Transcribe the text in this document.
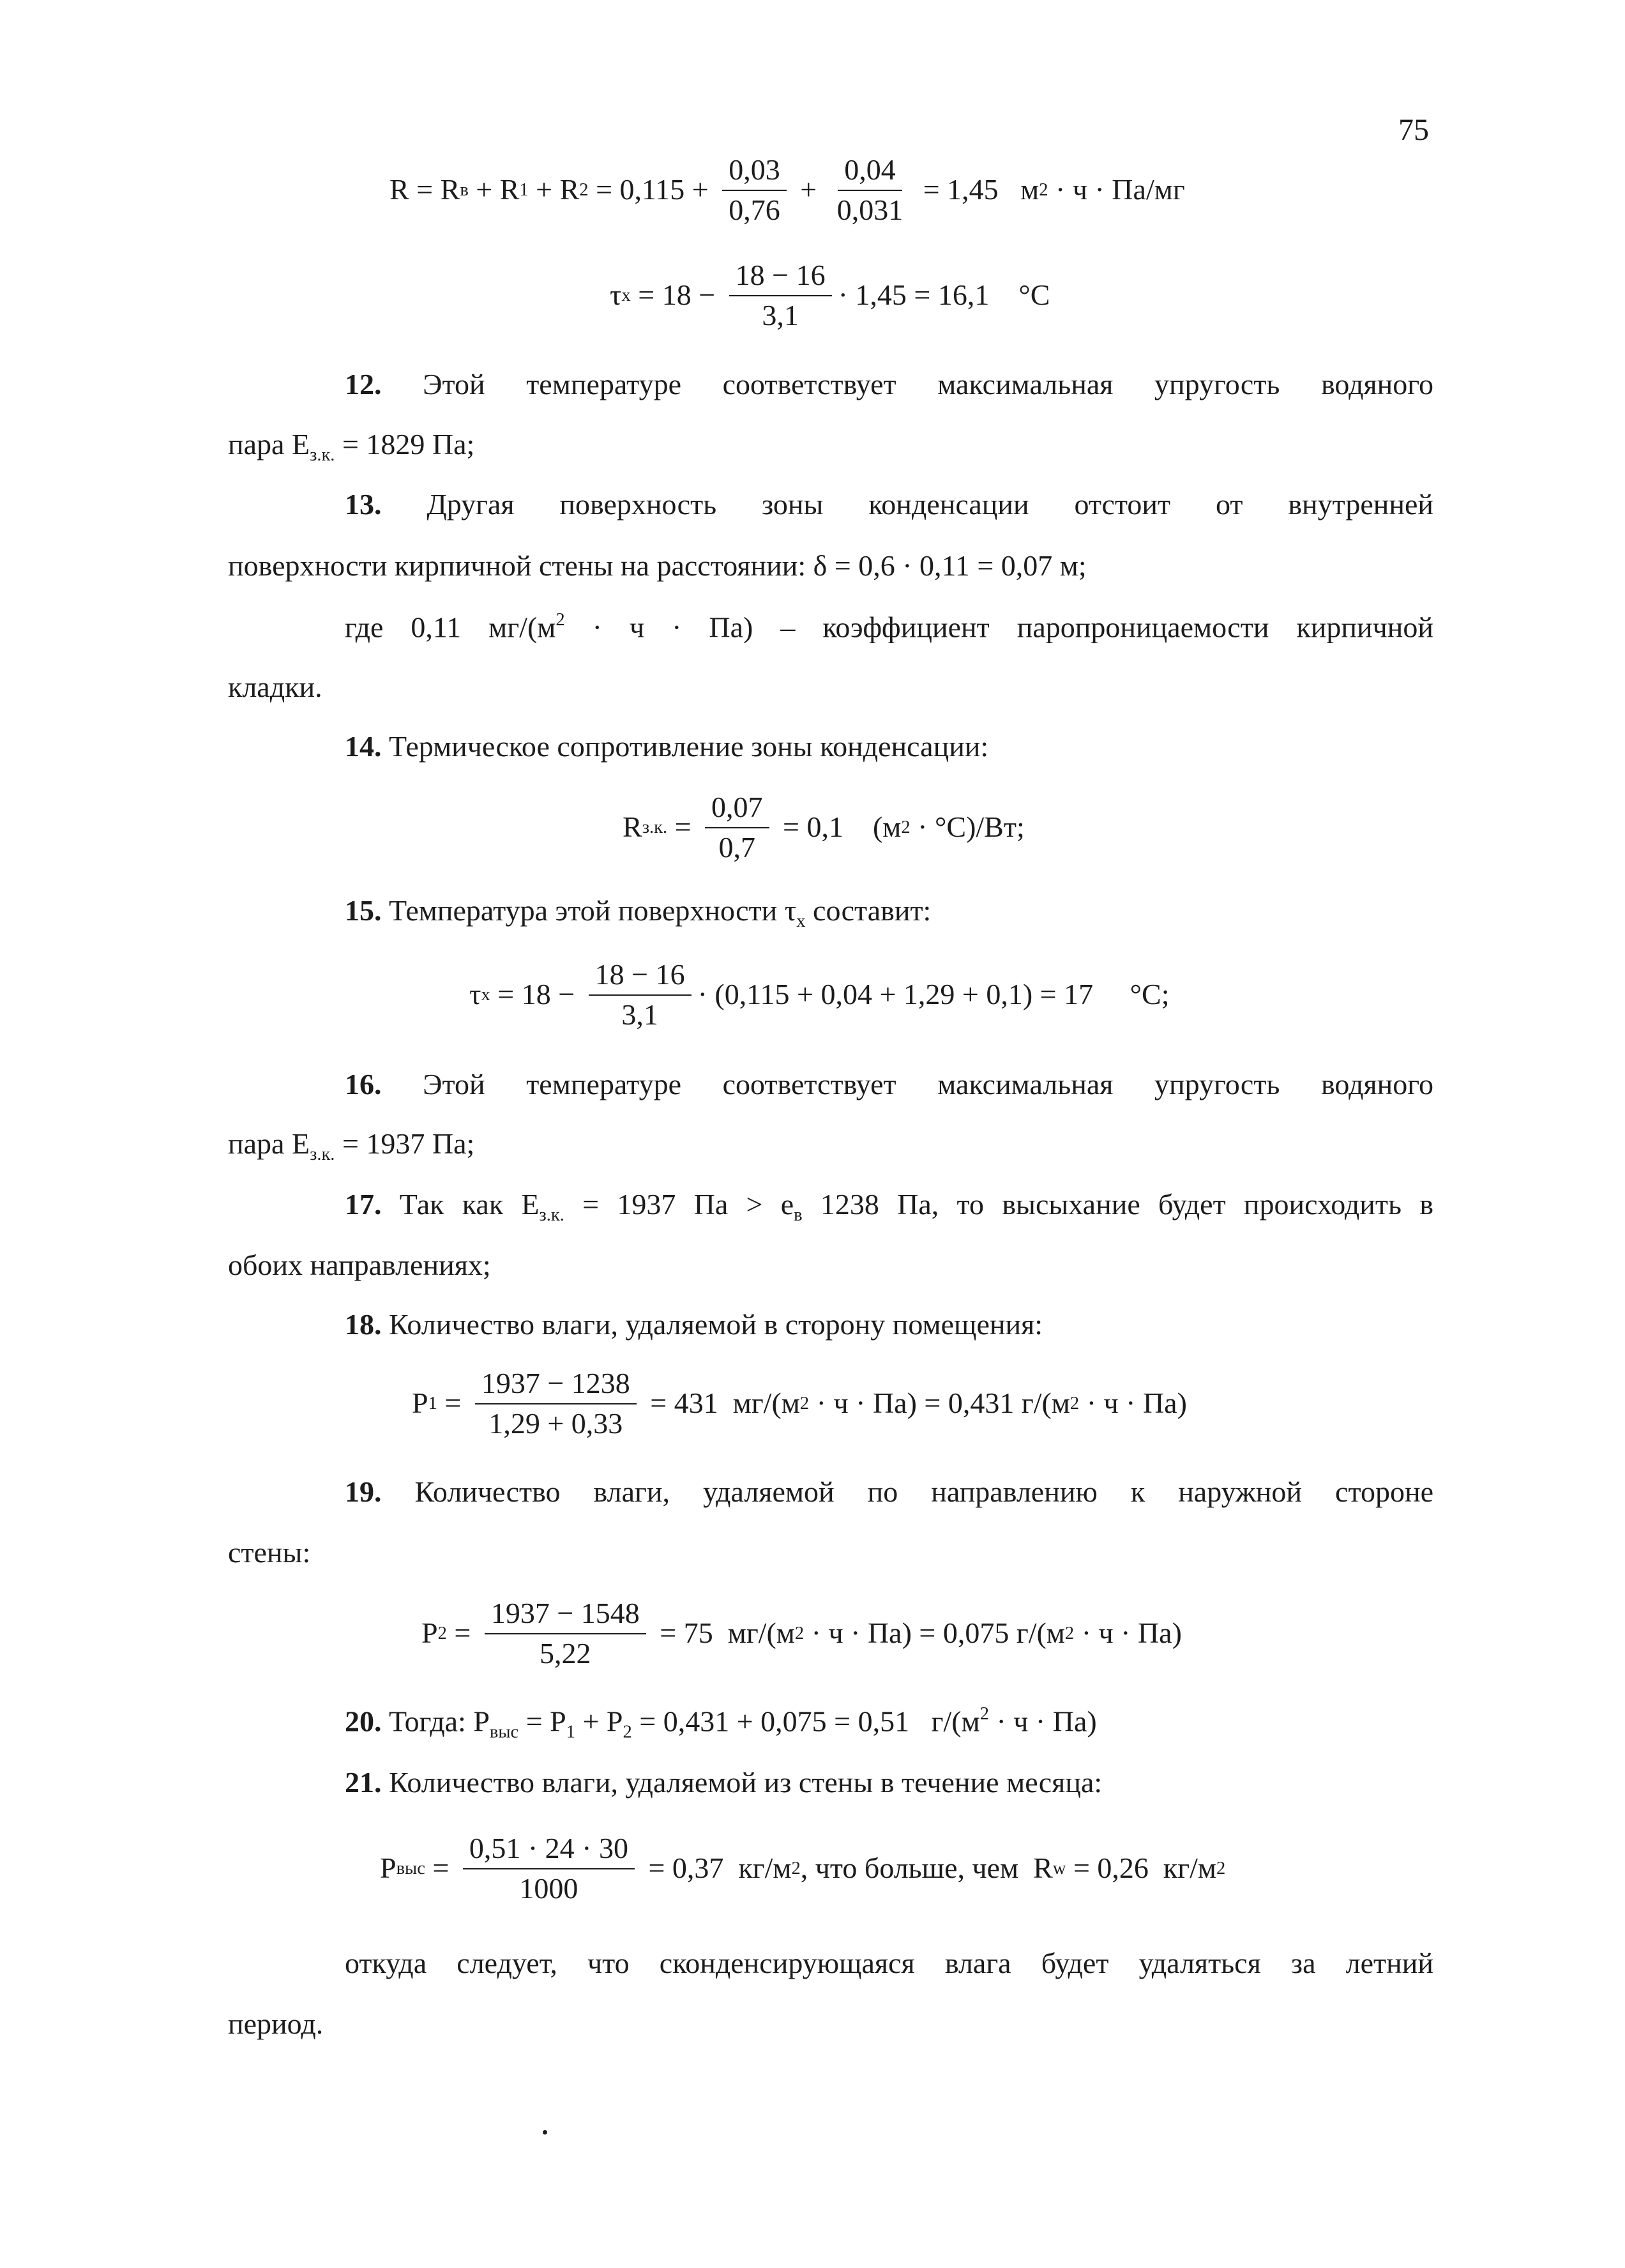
75
R = R в + R 1 + R $2 = 0,115 + \frac{0,03}{0,76} + \frac{0,04}{0,031} = 1,45$   м 2 · ч · Па/мг
τ $x = 18 - \frac{18 - 16}{3,1} \cdot 1,45 = 16,1$    °C
12. Этой температуре соответствует максимальная упругость водяного
пара $E_{з.к.} = 1829$ Па;
13. Другая поверхность зоны конденсации отстоит от внутренней
поверхности кирпичной стены на расстоянии: δ = 0,6 · 0,11 = 0,07 м;
где 0,11 $мг/(м^2 \cdot ч \cdot Па)$ – коэффициент паропроницаемости кирпичной
кладки.
14. Термическое сопротивление зоны конденсации:
R з.к. = $\frac{0,07}{0,7} = 0,1$    (м 2 · °C)/Вт;
15. Температура этой поверхности $\tau_x$ составит:
τ $x = 18 - \frac{18 - 16}{3,1} \cdot (0,115 + 0,04 + 1,29 + 0,1) = 17$     °C;
16. Этой температуре соответствует максимальная упругость водяного
пара $E_{з.к.} = 1937$ Па;
17. Так как $E_{з.к.} = 1937$ Па > $e_в$ 1238 Па, то высыхание будет происходить в
обоих направлениях;
18. Количество влаги, удаляемой в сторону помещения:
P $1 = \frac{1937 - 1238}{1,29 + 0,33} = 431$  мг/(м 2 · ч · Па) = 0,431 г/(м 2 · ч · Па)
19. Количество влаги, удаляемой по направлению к наружной стороне
стены:
P $2 = \frac{1937 - 1548}{5,22} = 75$  мг/(м 2 · ч · Па) = 0,075 г/(м 2 · ч · Па)
20. Тогда: $P_{выс} = P_1 + P_2 = 0,431 + 0,075 = 0,51$   $г/(м^2 \cdot ч \cdot Па)$
21. Количество влаги, удаляемой из стены в течение месяца:
P выс = $\frac{0,51 \cdot 24 \cdot 30}{1000} = 0,37$  кг/м 2 , что больше, чем  R w = 0,26  кг/м 2
откуда следует, что сконденсирующаяся влага будет удаляться за летний
период.
